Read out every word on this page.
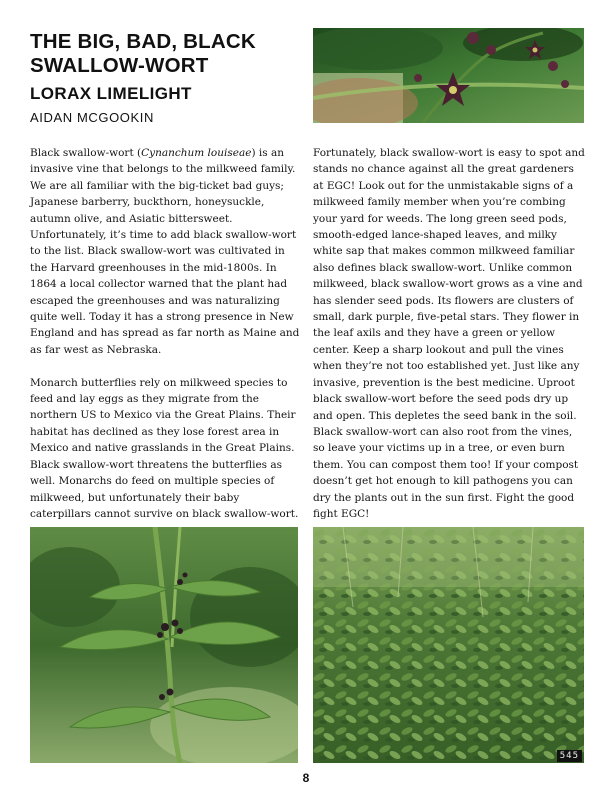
THE BIG, BAD, BLACK SWALLOW-WORT
LORAX LIMELIGHT
AIDAN MCGOOKIN

Black swallow-wort (Cynanchum louiseae) is an invasive vine that belongs to the milkweed family. We are all familiar with the big-ticket bad guys; Japanese barberry, buckthorn, honeysuckle, autumn olive, and Asiatic bittersweet. Unfortunately, it’s time to add black swallow-wort to the list. Black swallow-wort was cultivated in the Harvard greenhouses in the mid-1800s. In 1864 a local collector warned that the plant had escaped the greenhouses and was naturalizing quite well. Today it has a strong presence in New England and has spread as far north as Maine and as far west as Nebraska.

Monarch butterflies rely on milkweed species to feed and lay eggs as they migrate from the northern US to Mexico via the Great Plains. Their habitat has declined as they lose forest area in Mexico and native grasslands in the Great Plains. Black swallow-wort threatens the butterflies as well. Monarchs do feed on multiple species of milkweed, but unfortunately their baby caterpillars cannot survive on black swallow-wort.

Fortunately, black swallow-wort is easy to spot and stands no chance against all the great gardeners at EGC! Look out for the unmistakable signs of a milkweed family member when you’re combing your yard for weeds. The long green seed pods, smooth-edged lance-shaped leaves, and milky white sap that makes common milkweed familiar also defines black swallow-wort. Unlike common milkweed, black swallow-wort grows as a vine and has slender seed pods. Its flowers are clusters of small, dark purple, five-petal stars. They flower in the leaf axils and they have a green or yellow center. Keep a sharp lookout and pull the vines when they’re not too established yet. Just like any invasive, prevention is the best medicine. Uproot black swallow-wort before the seed pods dry up and open. This depletes the seed bank in the soil. Black swallow-wort can also root from the vines, so leave your victims up in a tree, or even burn them. You can compost them too! If your compost doesn’t get hot enough to kill pathogens you can dry the plants out in the sun first. Fight the good fight EGC!

545
8
